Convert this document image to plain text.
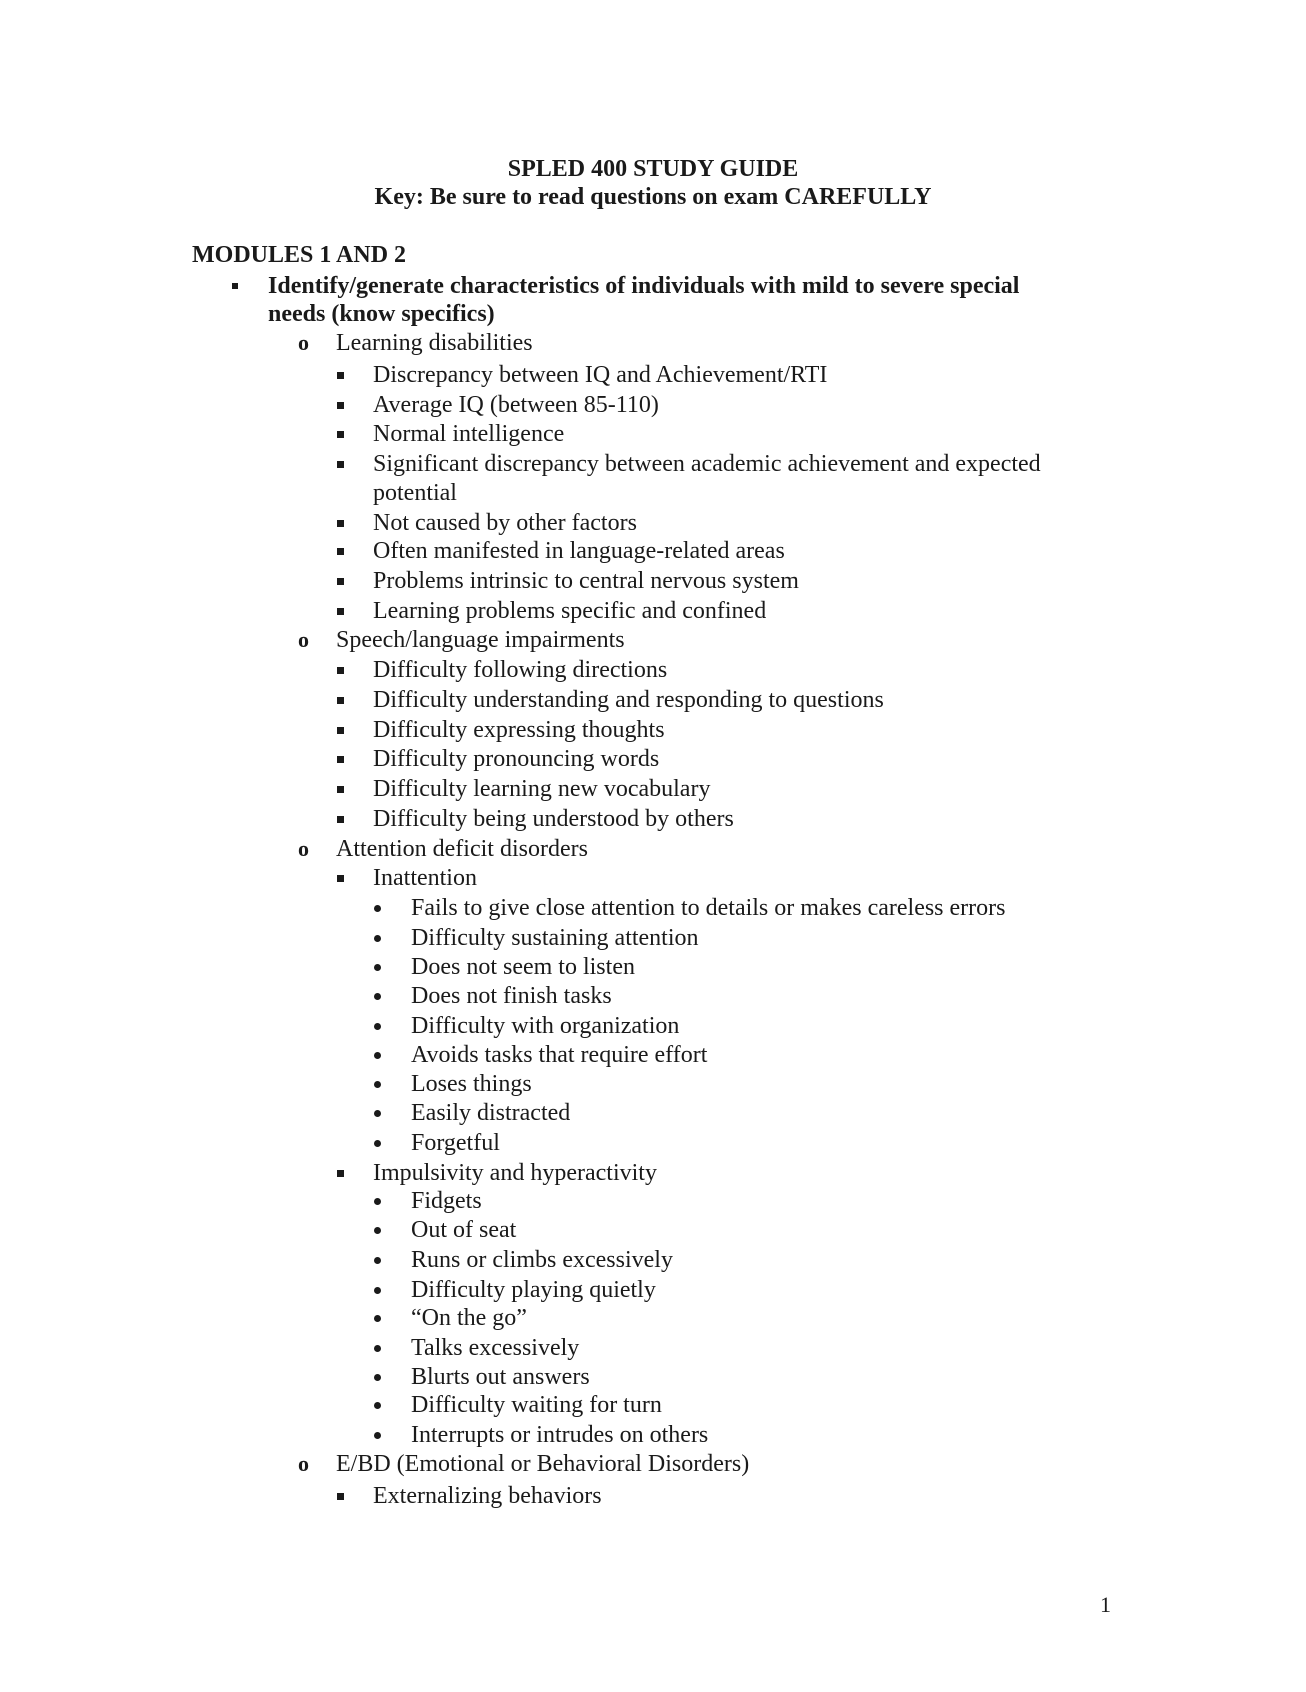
SPLED 400 STUDY GUIDE
Key: Be sure to read questions on exam CAREFULLY
MODULES 1 AND 2
Identify/generate characteristics of individuals with mild to severe special
needs (know specifics)
o Learning disabilities
Discrepancy between IQ and Achievement/RTI
Average IQ (between 85-110)
Normal intelligence
Significant discrepancy between academic achievement and expected
potential
Not caused by other factors
Often manifested in language-related areas
Problems intrinsic to central nervous system
Learning problems specific and confined
o Speech/language impairments
Difficulty following directions
Difficulty understanding and responding to questions
Difficulty expressing thoughts
Difficulty pronouncing words
Difficulty learning new vocabulary
Difficulty being understood by others
o Attention deficit disorders
Inattention
Fails to give close attention to details or makes careless errors
Difficulty sustaining attention
Does not seem to listen
Does not finish tasks
Difficulty with organization
Avoids tasks that require effort
Loses things
Easily distracted
Forgetful
Impulsivity and hyperactivity
Fidgets
Out of seat
Runs or climbs excessively
Difficulty playing quietly
“On the go”
Talks excessively
Blurts out answers
Difficulty waiting for turn
Interrupts or intrudes on others
o E/BD (Emotional or Behavioral Disorders)
Externalizing behaviors
1
